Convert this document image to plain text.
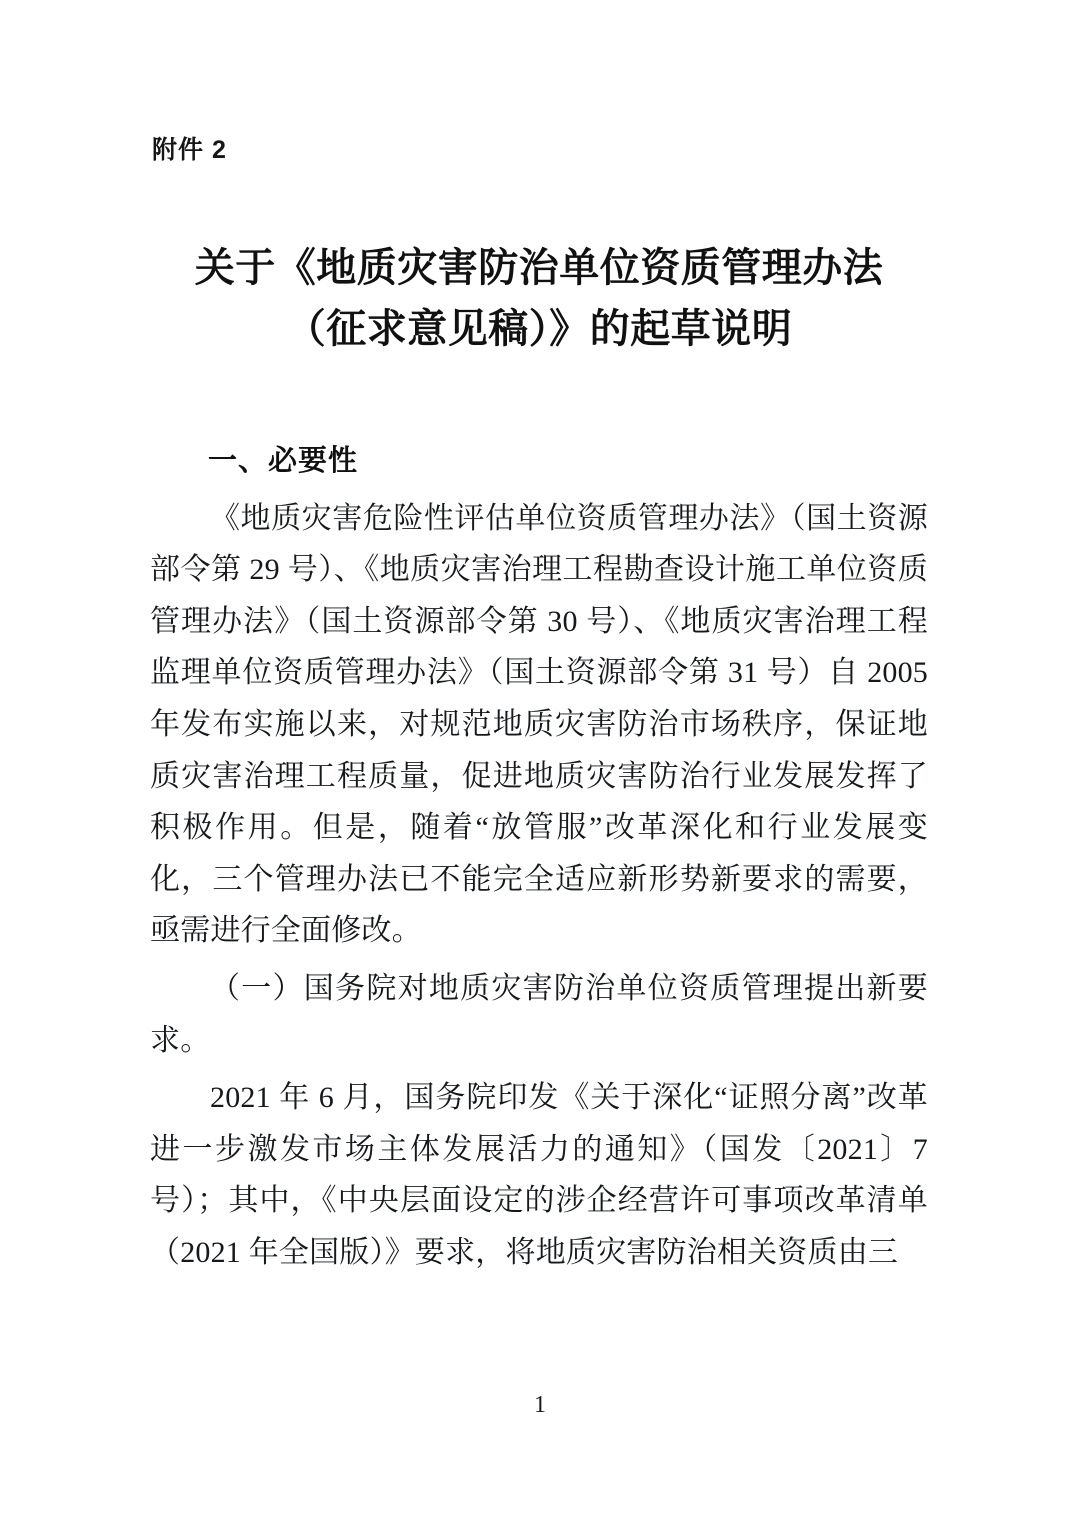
附件 2
关于《地质灾害防治单位资质管理办法
（征求意见稿）》的起草说明
一、必要性

《地质灾害危险性评估单位资质管理办法》（国土资源部令第 29 号）、《地质灾害治理工程勘查设计施工单位资质管理办法》（国土资源部令第 30 号）、《地质灾害治理工程监理单位资质管理办法》（国土资源部令第 31 号）自 2005 年发布实施以来，对规范地质灾害防治市场秩序，保证地质灾害治理工程质量，促进地质灾害防治行业发展发挥了积极作用。但是，随着“放管服”改革深化和行业发展变化，三个管理办法已不能完全适应新形势新要求的需要，亟需进行全面修改。

（一）国务院对地质灾害防治单位资质管理提出新要求。

2021 年 6 月，国务院印发《关于深化“证照分离”改革进一步激发市场主体发展活力的通知》（国发〔2021〕7 号）；其中，《中央层面设定的涉企经营许可事项改革清单（2021 年全国版）》要求，将地质灾害防治相关资质由三

1
